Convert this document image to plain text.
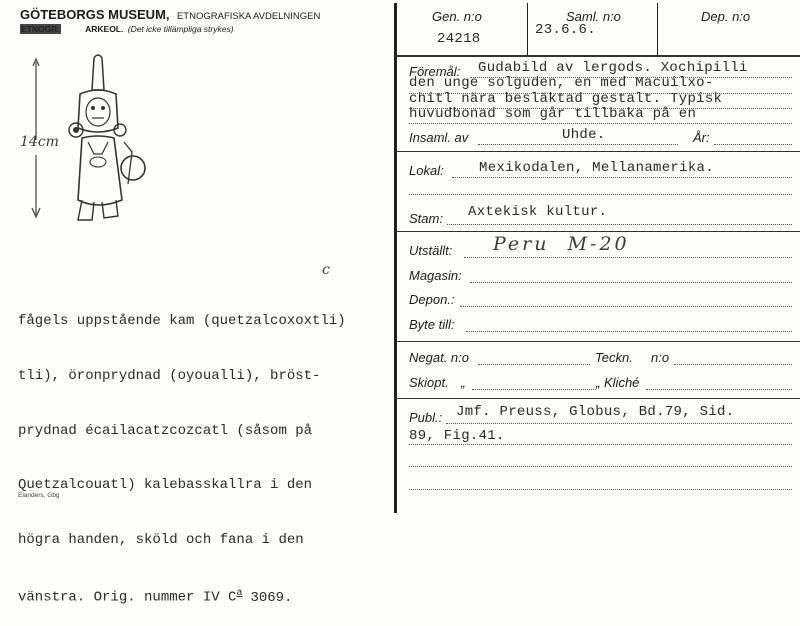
GÖTEBORGS MUSEUM, ETNOGRAFISKA AVDELNINGEN
ETNOGR.	ARKEOL. (Det icke tillämpliga strykes)
14cm

fågels uppstående kam (quetzalcoxoxtli)

tli), öronprydnad (oyoualli), bröst-

prydnad écailacatzcozcatl (såsom på

Quetzalcouatl) kalebasskallra i den

högra handen, sköld och fana i den

vänstra. Orig. nummer IV $C^a$ 3069.

c
Elanders, Gbg
Gen. n:o
24218
Saml. n:o
23.6.6.
Dep. n:o
Föremål: Gudabild av lergods. Xochipilli
den unge solguden, en med Macuilxo-
chitl nära besläktad gestalt. Typisk
huvudbonad som går tillbaka på en
Insaml. av	Uhde.	År:
Lokal:	Mexikodalen, Mellanamerika.
Stam: Axtekisk kultur.
Utställt: Peru  M-20
Magasin:
Depon.:
Byte till:
Negat. n:o	Teckn. n:o
Skiopt. „	„ Kliché
Publ.: Jmf. Preuss, Globus, Bd.79, Sid.
89, Fig.41.
